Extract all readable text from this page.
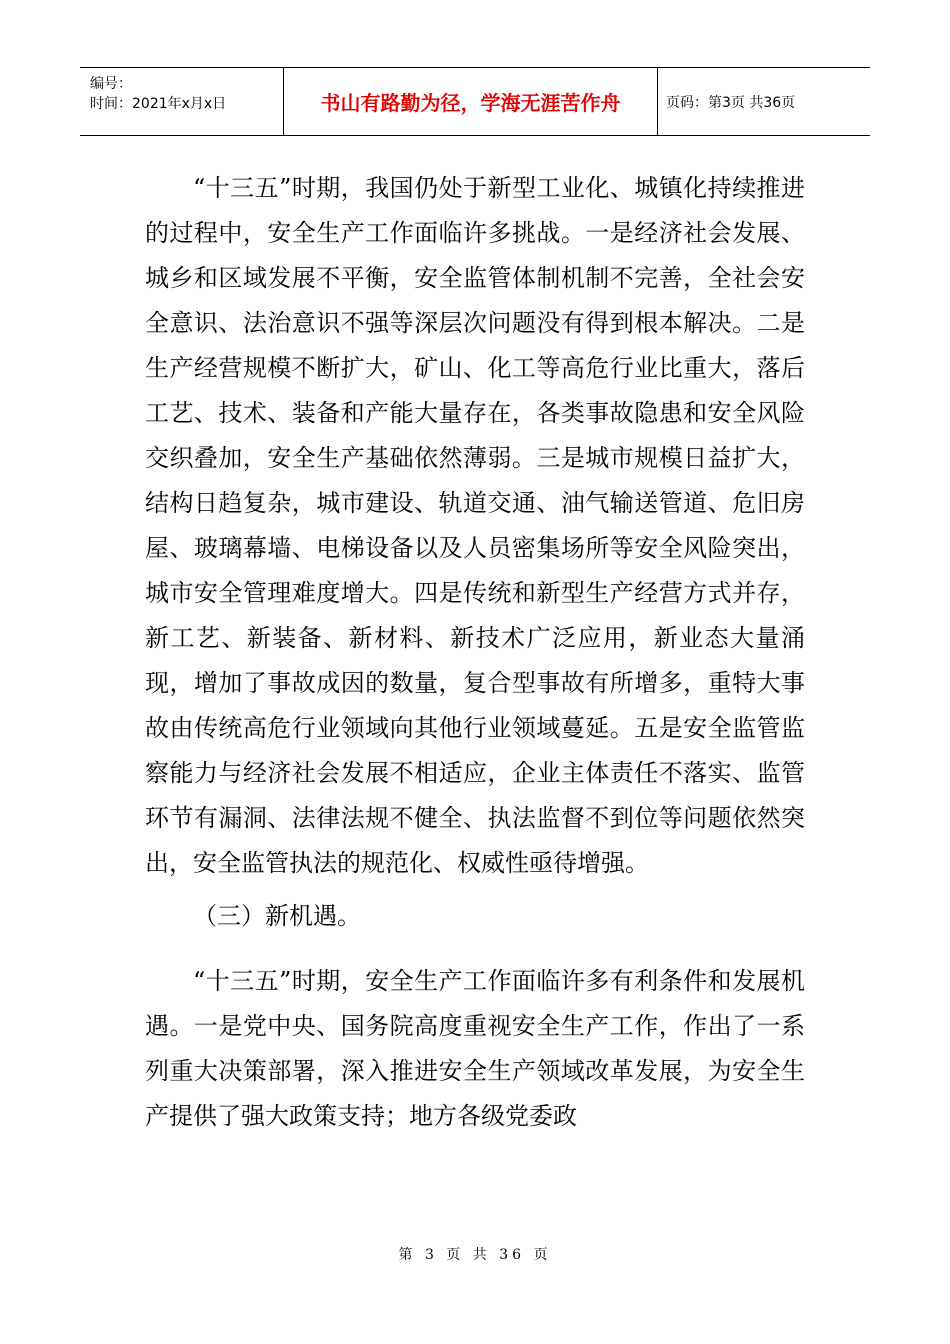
编号：
时间：2021年x月x日	书山有路勤为径，学海无涯苦作舟	页码：第3页 共36页

“十三五”时期，我国仍处于新型工业化、城镇化持续推进的过程中，安全生产工作面临许多挑战。一是经济社会发展、城乡和区域发展不平衡，安全监管体制机制不完善，全社会安全意识、法治意识不强等深层次问题没有得到根本解决。二是生产经营规模不断扩大，矿山、化工等高危行业比重大，落后工艺、技术、装备和产能大量存在，各类事故隐患和安全风险交织叠加，安全生产基础依然薄弱。三是城市规模日益扩大，结构日趋复杂，城市建设、轨道交通、油气输送管道、危旧房屋、玻璃幕墙、电梯设备以及人员密集场所等安全风险突出，城市安全管理难度增大。四是传统和新型生产经营方式并存，新工艺、新装备、新材料、新技术广泛应用，新业态大量涌现，增加了事故成因的数量，复合型事故有所增多，重特大事故由传统高危行业领域向其他行业领域蔓延。五是安全监管监察能力与经济社会发展不相适应，企业主体责任不落实、监管环节有漏洞、法律法规不健全、执法监督不到位等问题依然突出，安全监管执法的规范化、权威性亟待增强。

（三）新机遇。

“十三五”时期，安全生产工作面临许多有利条件和发展机遇。一是党中央、国务院高度重视安全生产工作，作出了一系列重大决策部署，深入推进安全生产领域改革发展，为安全生产提供了强大政策支持；地方各级党委政

第 3 页 共 36 页
